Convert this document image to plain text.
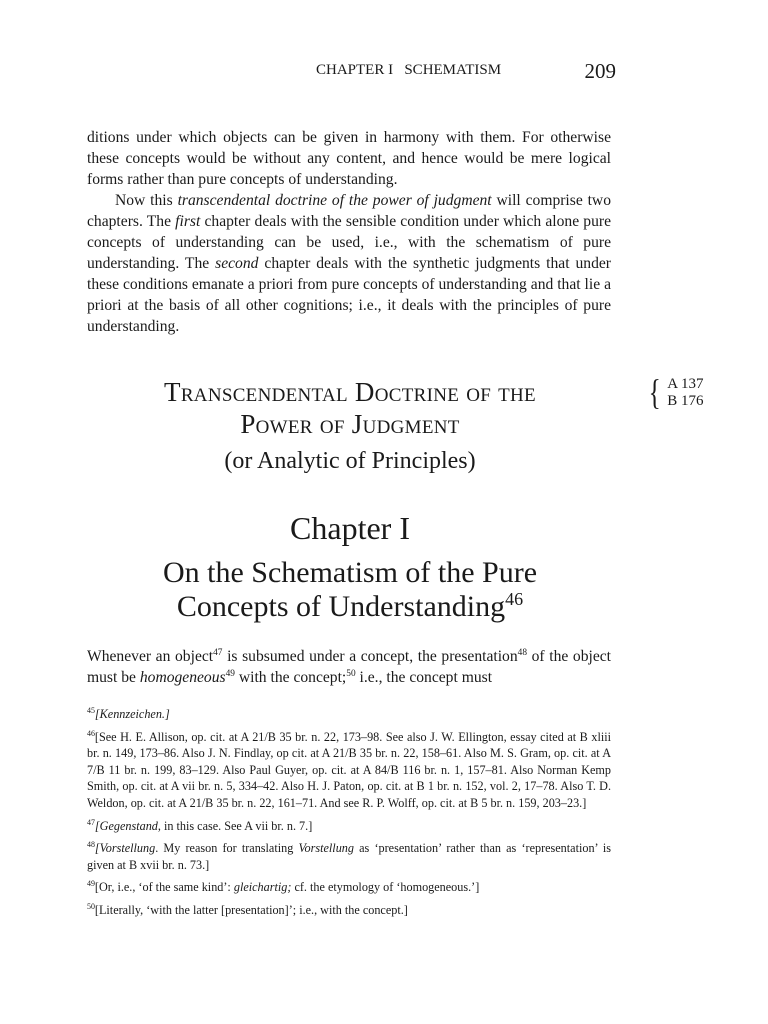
CHAPTER I SCHEMATISM	209

ditions under which objects can be given in harmony with them. For otherwise these concepts would be without any content, and hence would be mere logical forms rather than pure concepts of understanding.

Now this transcendental doctrine of the power of judgment will comprise two chapters. The first chapter deals with the sensible condition under which alone pure concepts of understanding can be used, i.e., with the schematism of pure understanding. The second chapter deals with the synthetic judgments that under these conditions emanate a priori from pure concepts of understanding and that lie a priori at the basis of all other cognitions; i.e., it deals with the principles of pure understanding.

{ A 137
B 176
Transcendental Doctrine of the
Power of Judgment
(or Analytic of Principles)
Chapter I
On the Schematism of the Pure
Concepts of Understanding$^{46}$

Whenever an object$^{47}$ is subsumed under a concept, the presentation$^{48}$ of the object must be homogeneous$^{49}$ with the concept;$^{50}$ i.e., the concept must

$^{45}$[Kennzeichen.]

$^{46}$[See H. E. Allison, op. cit. at A 21/B 35 br. n. 22, 173–98. See also J. W. Ellington, essay cited at B xliii br. n. 149, 173–86. Also J. N. Findlay, op cit. at A 21/B 35 br. n. 22, 158–61. Also M. S. Gram, op. cit. at A 7/B 11 br. n. 199, 83–129. Also Paul Guyer, op. cit. at A 84/B 116 br. n. 1, 157–81. Also Norman Kemp Smith, op. cit. at A vii br. n. 5, 334–42. Also H. J. Paton, op. cit. at B 1 br. n. 152, vol. 2, 17–78. Also T. D. Weldon, op. cit. at A 21/B 35 br. n. 22, 161–71. And see R. P. Wolff, op. cit. at B 5 br. n. 159, 203–23.]

$^{47}$[Gegenstand, in this case. See A vii br. n. 7.]

$^{48}$[Vorstellung. My reason for translating Vorstellung as ‘presentation’ rather than as ‘representation’ is given at B xvii br. n. 73.]

$^{49}$[Or, i.e., ‘of the same kind’: gleichartig; cf. the etymology of ‘homogeneous.’]

$^{50}$[Literally, ‘with the latter [presentation]’; i.e., with the concept.]
